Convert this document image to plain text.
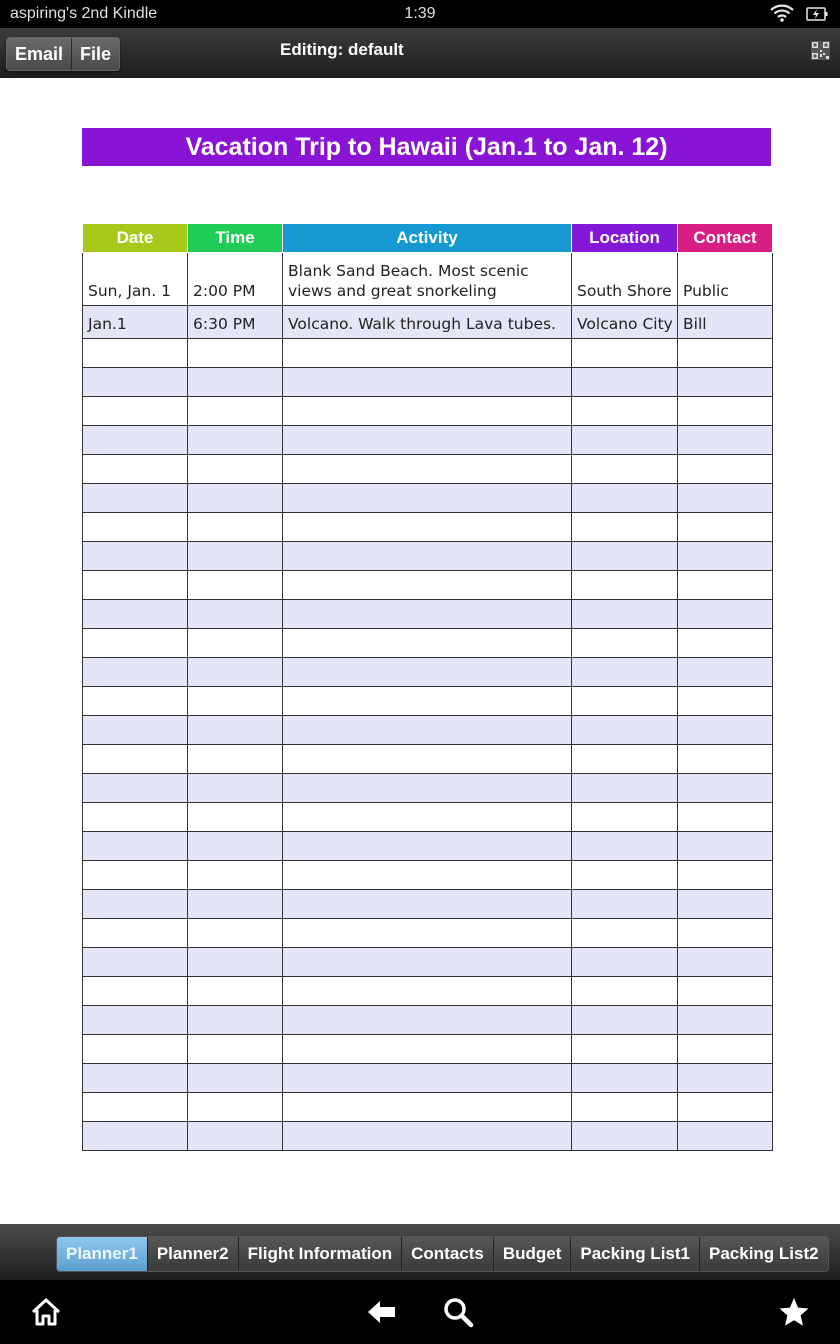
aspiring's 2nd Kindle	1:39
Email File	Editing: default
Vacation Trip to Hawaii (Jan.1 to Jan. 12)
Date	Time	Activity	Location	Contact
Sun, Jan. 1	2:00 PM	Blank Sand Beach. Most scenic views and great snorkeling	South Shore	Public
Jan.1	6:30 PM	Volcano. Walk through Lava tubes.	Volcano City	Bill

Planner1	Planner2	Flight Information	Contacts	Budget	Packing List1	Packing List2
